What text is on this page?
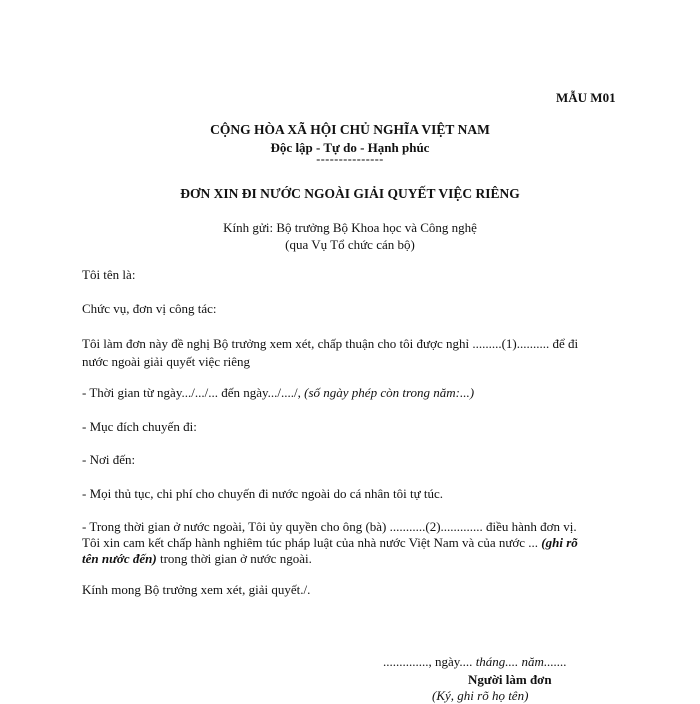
MẪU M01
CỘNG HÒA XÃ HỘI CHỦ NGHĨA VIỆT NAM
Độc lập - Tự do - Hạnh phúc
---------------
ĐƠN XIN ĐI NƯỚC NGOÀI GIẢI QUYẾT VIỆC RIÊNG
Kính gửi: Bộ trưởng Bộ Khoa học và Công nghệ
(qua Vụ Tổ chức cán bộ)
Tôi tên là:
Chức vụ, đơn vị công tác:
Tôi làm đơn này đề nghị Bộ trưởng xem xét, chấp thuận cho tôi được nghỉ .........(1).......... để đi
nước ngoài giải quyết việc riêng
- Thời gian từ ngày.../.../... đến ngày.../..../, (số ngày phép còn trong năm:...)
- Mục đích chuyến đi:
- Nơi đến:
- Mọi thủ tục, chi phí cho chuyến đi nước ngoài do cá nhân tôi tự túc.
- Trong thời gian ở nước ngoài, Tôi ủy quyền cho ông (bà) ...........(2)............. điều hành đơn vị.
Tôi xin cam kết chấp hành nghiêm túc pháp luật của nhà nước Việt Nam và của nước ... (ghi rõ
tên nước đến) trong thời gian ở nước ngoài.
Kính mong Bộ trưởng xem xét, giải quyết./.
.............., ngày.... tháng.... năm.......
Người làm đơn
(Ký, ghi rõ họ tên)
